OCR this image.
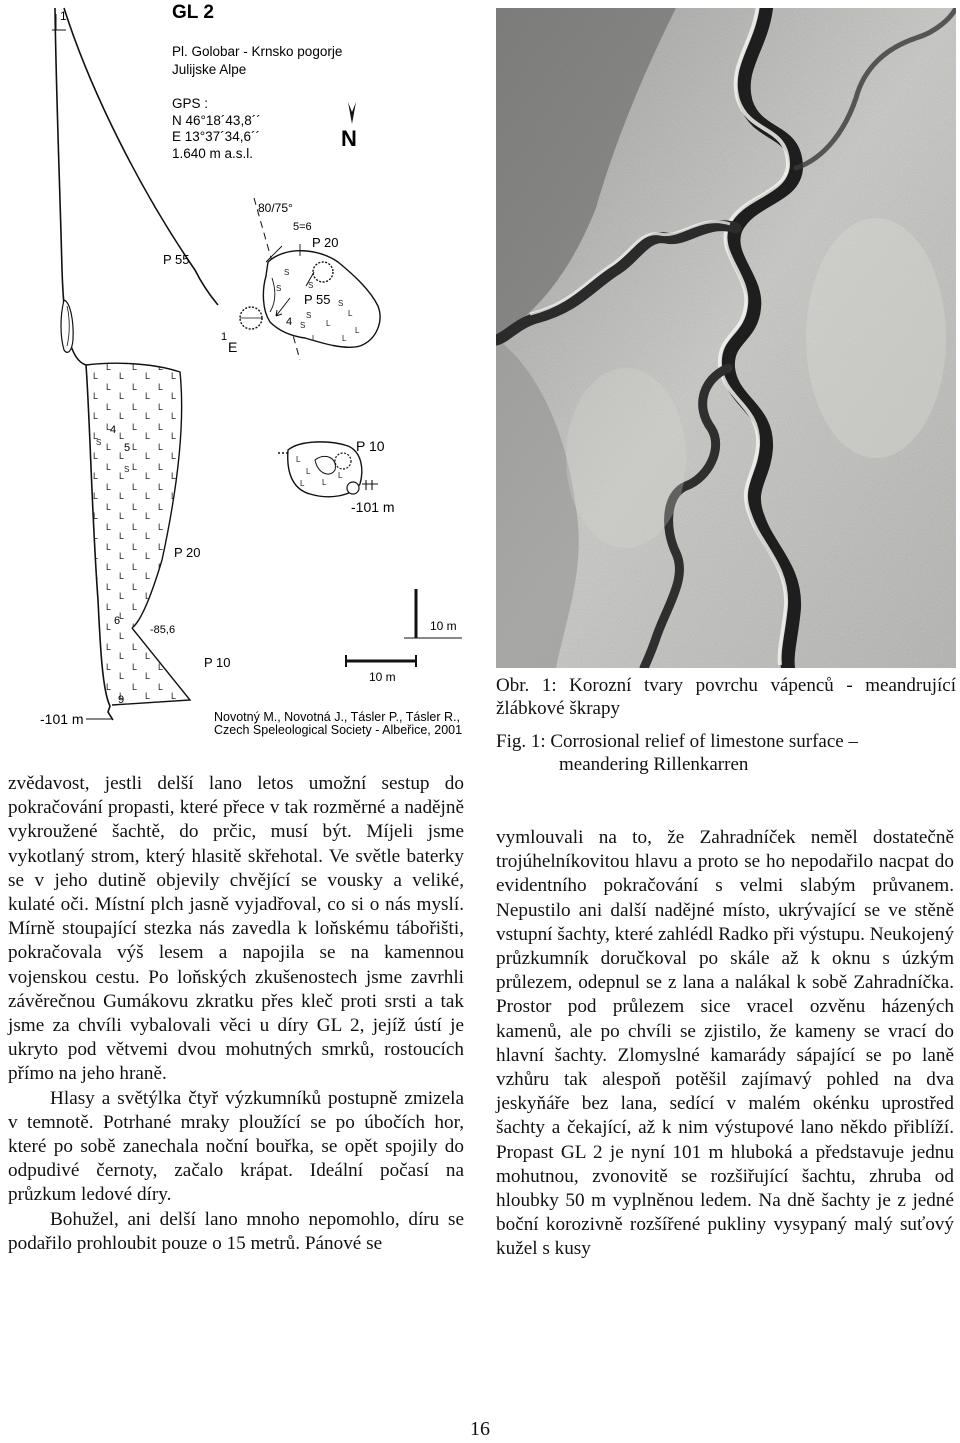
1	GL 2
Pl. Golobar - Krnsko pogorje
Julijske Alpe
GPS :
N 46°18´43,8´´
E 13°37´34,6´´
1.640 m a.s.l.
N
80/75°
5=6
P 20
P 55
S
S
S
S
S
S
L
L
L
L
L
P 55
4
1
E
4
5
S
S
P 20
L
L
L
L
L
P 10
-101 m
6
-85,6
P 10
9
-101 m
10 m
10 m
Novotný M., Novotná J., Tásler P., Tásler R.,
Czech Speleological Society - Albeřice, 2001
Obr. 1: Korozní tvary povrchu vápenců - meandrující žlábkové škrapy
Fig. 1: Corrosional relief of limestone surface –
meandering Rillenkarren

zvědavost, jestli delší lano letos umožní sestup do pokračování propasti, které přece v tak rozměrné a nadějně vykroužené šachtě, do prčic, musí být. Míjeli jsme vykotlaný strom, který hlasitě skřehotal. Ve světle baterky se v jeho dutině objevily chvějící se vousky a veliké, kulaté oči. Místní plch jasně vyjadřoval, co si o nás myslí. Mírně stoupající stezka nás zavedla k loňskému tábořišti, pokračovala výš lesem a napojila se na kamennou vojenskou cestu. Po loňských zkušenostech jsme zavrhli závěrečnou Gumákovu zkratku přes kleč proti srsti a tak jsme za chvíli vybalovali věci u díry GL 2, jejíž ústí je ukryto pod větvemi dvou mohutných smrků, rostoucích přímo na jeho hraně.

Hlasy a světýlka čtyř výzkumníků postupně zmizela v temnotě. Potrhané mraky ploužící se po úbočích hor, které po sobě zanechala noční bouřka, se opět spojily do odpudivé černoty, začalo krápat. Ideální počasí na průzkum ledové díry.

Bohužel, ani delší lano mnoho nepomohlo, díru se podařilo prohloubit pouze o 15 metrů. Pánové se

vymlouvali na to, že Zahradníček neměl dostatečně trojúhelníkovitou hlavu a proto se ho nepodařilo nacpat do evidentního pokračování s velmi slabým průvanem. Nepustilo ani další nadějné místo, ukrývající se ve stěně vstupní šachty, které zahlédl Radko při výstupu. Neukojený průzkumník doručkoval po skále až k oknu s úzkým průlezem, odepnul se z lana a nalákal k sobě Zahradníčka. Prostor pod průlezem sice vracel ozvěnu házených kamenů, ale po chvíli se zjistilo, že kameny se vrací do hlavní šachty. Zlomyslné kamarády sápající se po laně vzhůru tak alespoň potěšil zajímavý pohled na dva jeskyňáře bez lana, sedící v malém okénku uprostřed šachty a čekající, až k nim výstupové lano někdo přiblíží. Propast GL 2 je nyní 101 m hluboká a představuje jednu mohutnou, zvonovitě se rozšiřující šachtu, zhruba od hloubky 50 m vyplněnou ledem. Na dně šachty je z jedné boční korozivně rozšířené pukliny vysypaný malý suťový kužel s kusy

16
